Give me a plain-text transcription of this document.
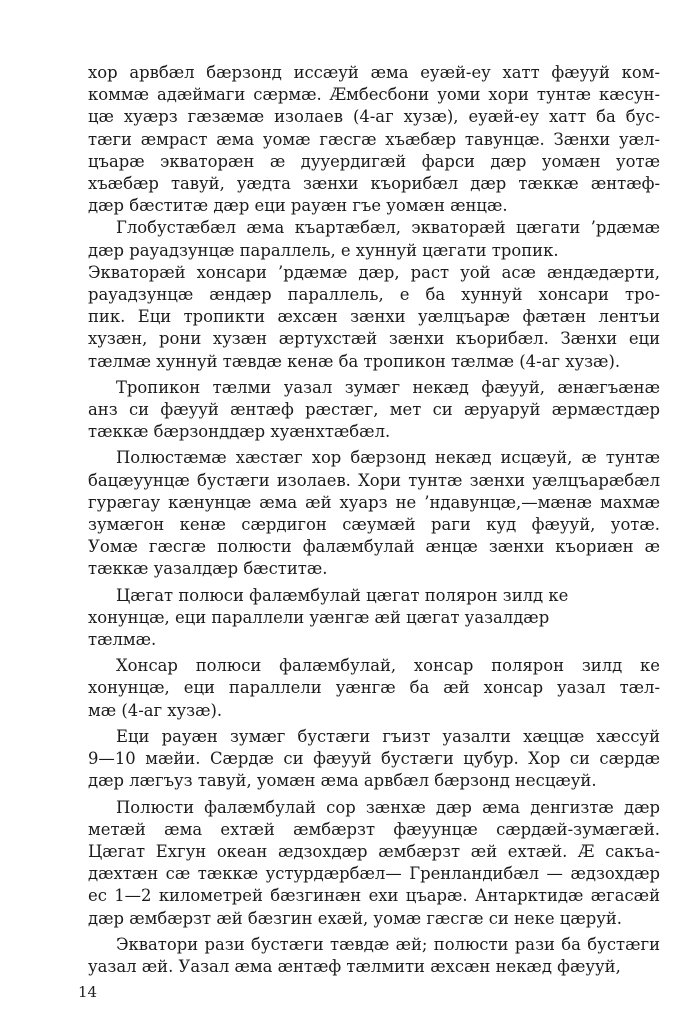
хор арвбæл бæрзонд иссæуй æма еуæй-еу хатт фæууй ком-
коммæ адæймаги сæрмæ. Æмбесбони уоми хори тунтæ кæсун-
цæ хуæрз гæзæмæ изолаев (4-аг хузæ), еуæй-еу хатт ба бус-
тæги æмраст æма уомæ гæсгæ хъæбæр тавунцæ. Зæнхи уæл-
цъарæ экваторæн æ дууердигæй фарси дæр уомæн уотæ
хъæбæр тавуй, уæдта зæнхи къорибæл дæр тæккæ æнтæф-
дæр бæститæ дæр еци рауæн гъе уомæн æнцæ.

Глобустæбæл æма къартæбæл, экваторæй цæгати ’рдæмæ
дæр рауадзунцæ параллель, е хуннуй цæгати тропик.
Экваторæй хонсари ’рдæмæ дæр, раст уой асæ æндæдæрти,
рауадзунцæ æндæр параллель, е ба хуннуй хонсари тро-
пик. Еци тропикти æхсæн зæнхи уæлцъарæ фæтæн лентъи
хузæн, рони хузæн æртухстæй зæнхи къорибæл. Зæнхи еци
тæлмæ хуннуй тæвдæ кенæ ба тропикон тæлмæ (4-аг хузæ).

Тропикон тæлми уазал зумæг некæд фæууй, æнæгъæнæ
анз си фæууй æнтæф рæстæг, мет си æруаруй æрмæстдæр
тæккæ бæрзонддæр хуæнхтæбæл.

Полюстæмæ хæстæг хор бæрзонд некæд исцæуй, æ тунтæ
бацæуунцæ бустæги изолаев. Хори тунтæ зæнхи уæлцъарæбæл
гурæгау кæнунцæ æма æй хуарз не ’ндавунцæ,—мæнæ махмæ
зумæгон кенæ сæрдигон сæумæй раги куд фæууй, уотæ.
Уомæ гæсгæ полюсти фалæмбулай æнцæ зæнхи къориæн æ
тæккæ уазалдæр бæститæ.

Цæгат полюси фалæмбулай цæгат полярон зилд ке
хонунцæ, еци параллели уæнгæ æй цæгат уазалдæр
тæлмæ.

Хонсар полюси фалæмбулай, хонсар полярон зилд ке
хонунцæ, еци параллели уæнгæ ба æй хонсар уазал тæл-
мæ (4-аг хузæ).

Еци рауæн зумæг бустæги гъизт уазалти хæццæ хæссуй
9—10 мæйи. Сæрдæ си фæууй бустæги цубур. Хор си сæрдæ
дæр лæгъуз тавуй, уомæн æма арвбæл бæрзонд несцæуй.

Полюсти фалæмбулай сор зæнхæ дæр æма денгизтæ дæр
метæй æма ехтæй æмбæрзт фæуунцæ сæрдæй-зумæгæй.
Цæгат Ехгун океан æдзохдæр æмбæрзт æй ехтæй. Æ сакъа-
дæхтæн сæ тæккæ устурдæрбæл— Гренландибæл — æдзохдæр
ес 1—2 километрей бæзгинæн ехи цъарæ. Антарктидæ æгасæй
дæр æмбæрзт æй бæзгин ехæй, уомæ гæсгæ си неке цæруй.

Экватори рази бустæги тæвдæ æй; полюсти рази ба бустæги
уазал æй. Уазал æма æнтæф тæлмити æхсæн некæд фæууй,

14
